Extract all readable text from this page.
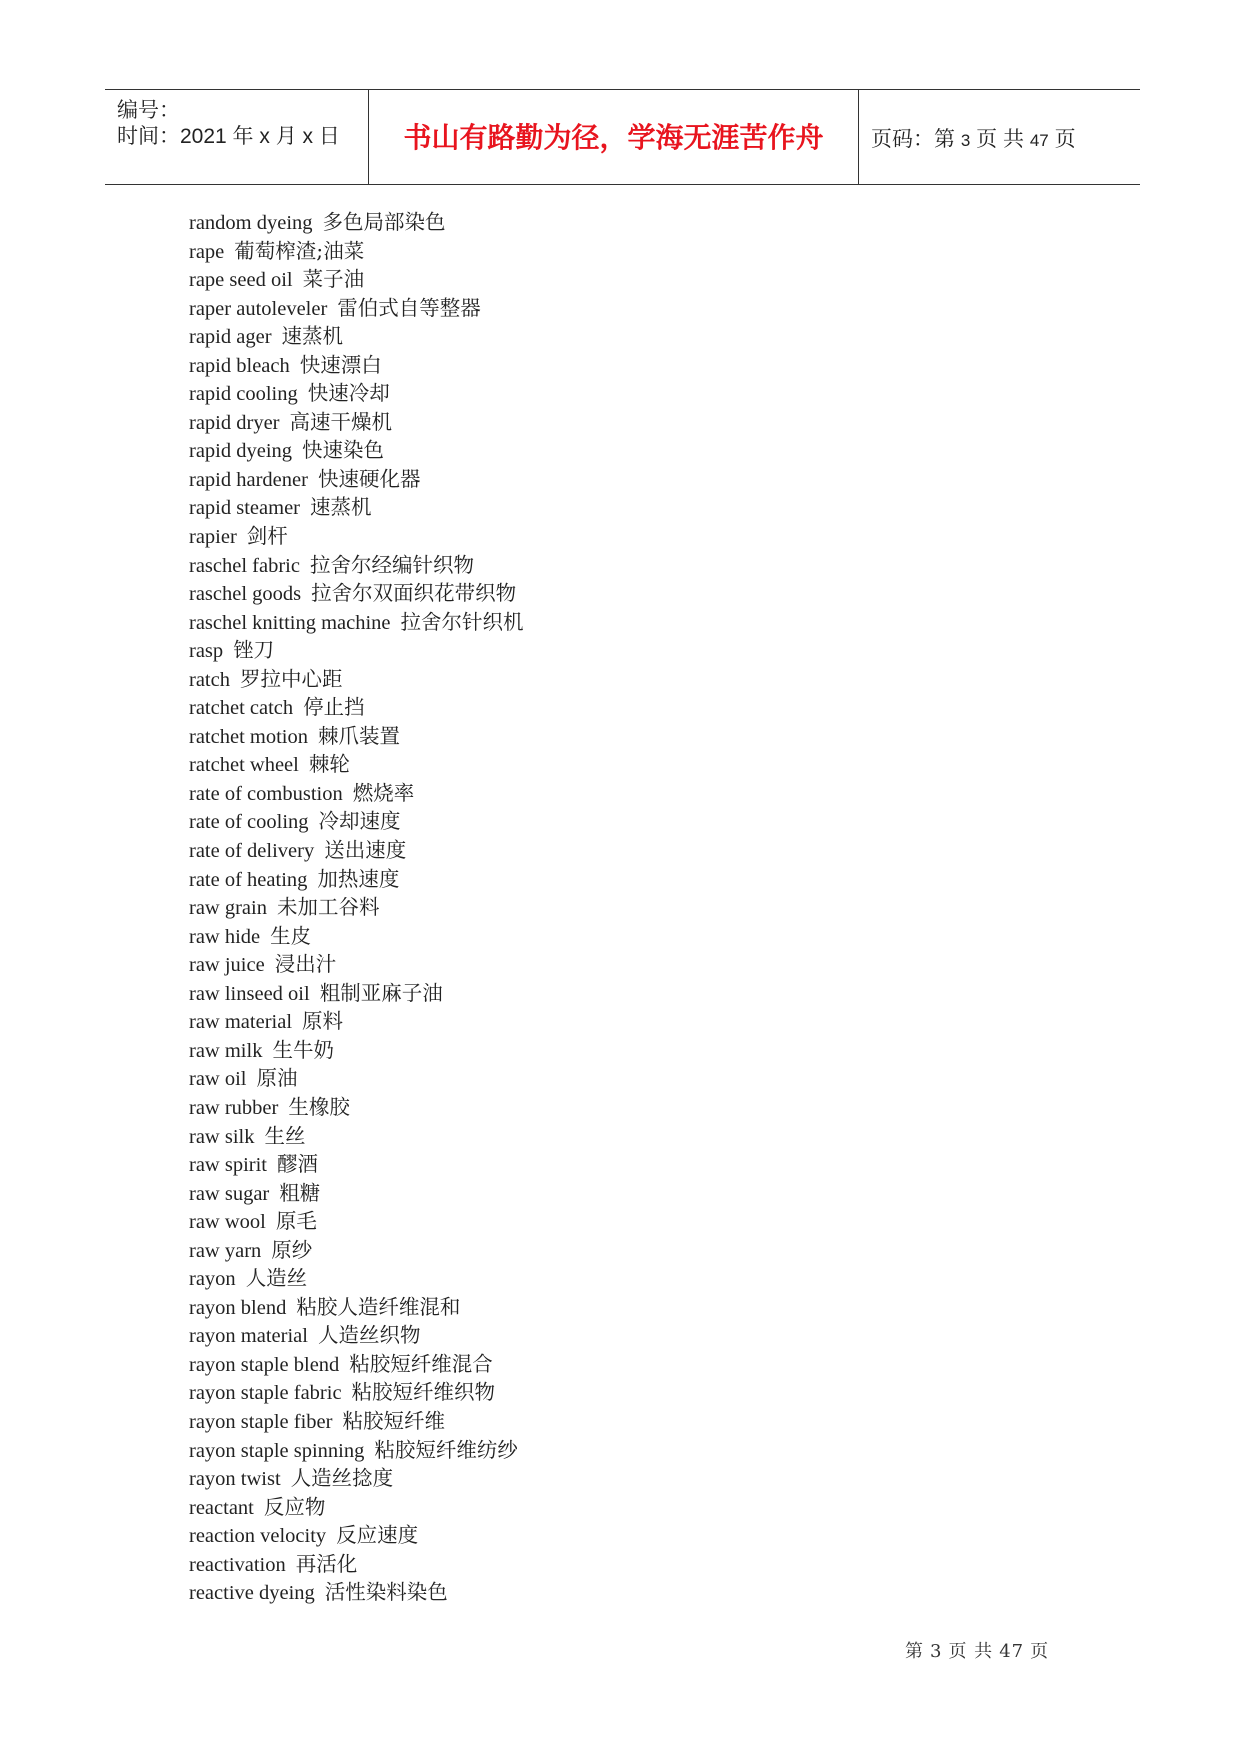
编号：
时间：2021 年 x 月 x 日	书山有路勤为径，学海无涯苦作舟	页码：第 3 页 共 47 页
random dyeing 多色局部染色
rape 葡萄榨渣;油菜
rape seed oil 菜子油
raper autoleveler 雷伯式自等整器
rapid ager 速蒸机
rapid bleach 快速漂白
rapid cooling 快速冷却
rapid dryer 高速干燥机
rapid dyeing 快速染色
rapid hardener 快速硬化器
rapid steamer 速蒸机
rapier 剑杆
raschel fabric 拉舍尔经编针织物
raschel goods 拉舍尔双面织花带织物
raschel knitting machine 拉舍尔针织机
rasp 锉刀
ratch 罗拉中心距
ratchet catch 停止挡
ratchet motion 棘爪装置
ratchet wheel 棘轮
rate of combustion 燃烧率
rate of cooling 冷却速度
rate of delivery 送出速度
rate of heating 加热速度
raw grain 未加工谷料
raw hide 生皮
raw juice 浸出汁
raw linseed oil 粗制亚麻子油
raw material 原料
raw milk 生牛奶
raw oil 原油
raw rubber 生橡胶
raw silk 生丝
raw spirit 醪酒
raw sugar 粗糖
raw wool 原毛
raw yarn 原纱
rayon 人造丝
rayon blend 粘胶人造纤维混和
rayon material 人造丝织物
rayon staple blend 粘胶短纤维混合
rayon staple fabric 粘胶短纤维织物
rayon staple fiber 粘胶短纤维
rayon staple spinning 粘胶短纤维纺纱
rayon twist 人造丝捻度
reactant 反应物
reaction velocity 反应速度
reactivation 再活化
reactive dyeing 活性染料染色
第 3 页 共 47 页
